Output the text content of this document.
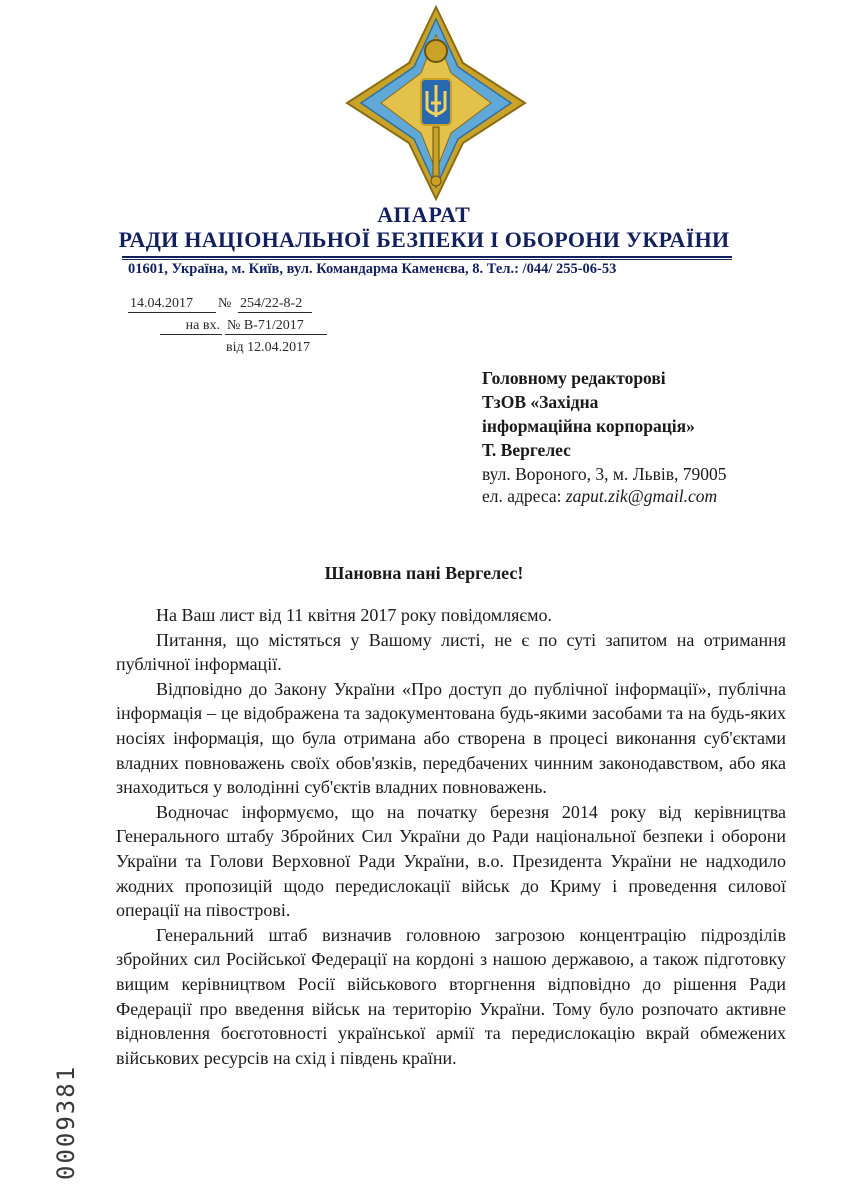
АПАРАТ
РАДИ НАЦІОНАЛЬНОЇ БЕЗПЕКИ І ОБОРОНИ УКРАЇНИ
01601, Україна, м. Київ, вул. Командарма Каменєва, 8. Тел.: /044/ 255-06-53
14.04.2017	№ 254/22-8-2
на вх. № В-71/2017
від 12.04.2017
Головному редакторові
ТзОВ «Західна
інформаційна корпорація»
Т. Вергелес
вул. Вороного, 3, м. Львів, 79005
ел. адреса: zaput.zik@gmail.com
Шановна пані Вергелес!

На Ваш лист від 11 квітня 2017 року повідомляємо.

Питання, що містяться у Вашому листі, не є по суті запитом на отримання публічної інформації.

Відповідно до Закону України «Про доступ до публічної інформації», публічна інформація – це відображена та задокументована будь-якими засобами та на будь-яких носіях інформація, що була отримана або створена в процесі виконання суб'єктами владних повноважень своїх обов'язків, передбачених чинним законодавством, або яка знаходиться у володінні суб'єктів владних повноважень.

Водночас інформуємо, що на початку березня 2014 року від керівництва Генерального штабу Збройних Сил України до Ради національної безпеки і оборони України та Голови Верховної Ради України, в.о. Президента України не надходило жодних пропозицій щодо передислокації військ до Криму і проведення силової операції на півострові.

Генеральний штаб визначив головною загрозою концентрацію підрозділів збройних сил Російської Федерації на кордоні з нашою державою, а також підготовку вищим керівництвом Росії військового вторгнення відповідно до рішення Ради Федерації про введення військ на територію України. Тому було розпочато активне відновлення боєготовності української армії та передислокацію вкрай обмежених військових ресурсів на схід і південь країни.

0009381
